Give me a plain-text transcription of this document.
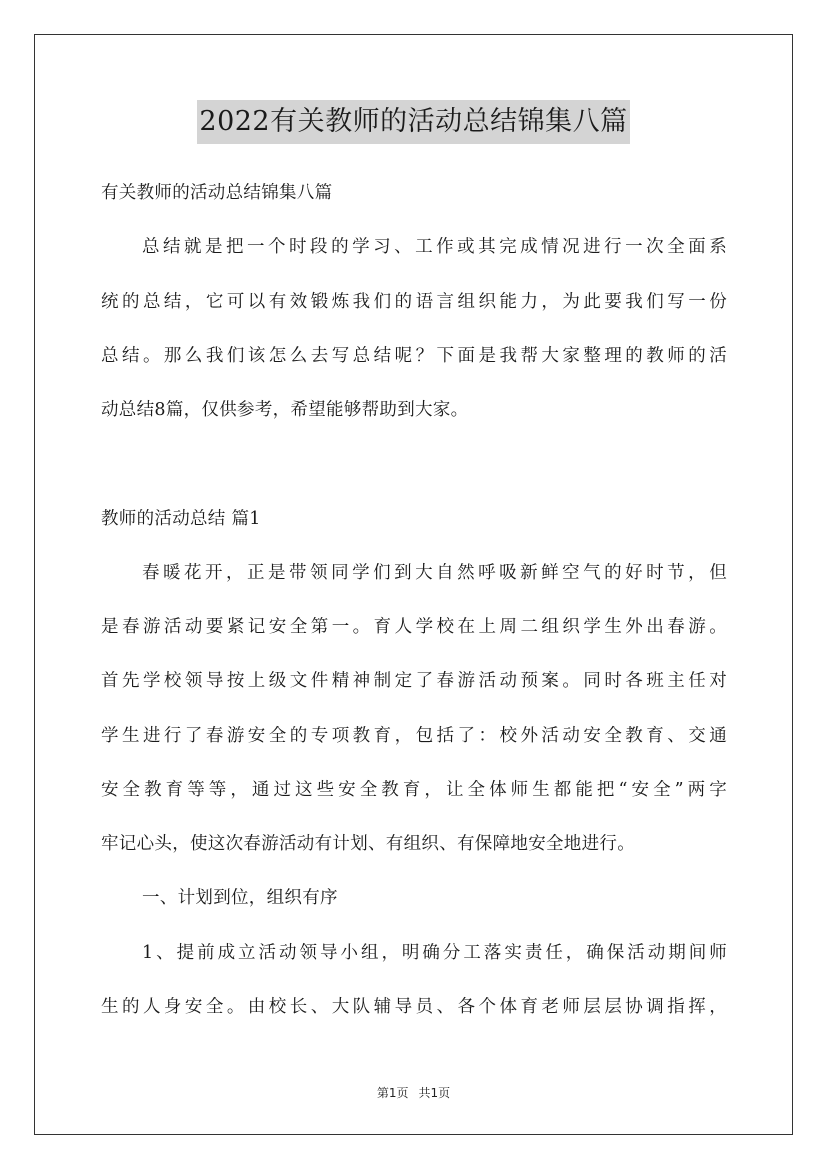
2022有关教师的活动总结锦集八篇
有关教师的活动总结锦集八篇
总结就是把一个时段的学习、工作或其完成情况进行一次全面系
统的总结，它可以有效锻炼我们的语言组织能力，为此要我们写一份
总结。那么我们该怎么去写总结呢？下面是我帮大家整理的教师的活
动总结8篇，仅供参考，希望能够帮助到大家。
教师的活动总结 篇1
春暖花开，正是带领同学们到大自然呼吸新鲜空气的好时节，但
是春游活动要紧记安全第一。育人学校在上周二组织学生外出春游。
首先学校领导按上级文件精神制定了春游活动预案。同时各班主任对
学生进行了春游安全的专项教育，包括了：校外活动安全教育、交通
安全教育等等，通过这些安全教育，让全体师生都能把“安全”两字
牢记心头，使这次春游活动有计划、有组织、有保障地安全地进行。
一、计划到位，组织有序
1、提前成立活动领导小组，明确分工落实责任，确保活动期间师
生的人身安全。由校长、大队辅导员、各个体育老师层层协调指挥，
第1页 共1页
